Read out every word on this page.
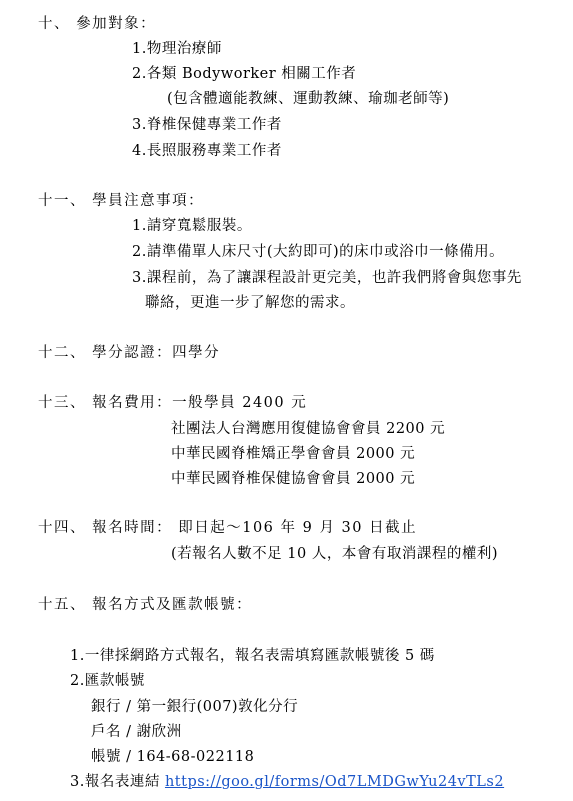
十、 參加對象：
1.物理治療師
2.各類 Bodyworker 相關工作者
(包含體適能教練、運動教練、瑜珈老師等)
3.脊椎保健專業工作者
4.長照服務專業工作者
十一、 學員注意事項：
1.請穿寬鬆服裝。
2.請準備單人床尺寸(大約即可)的床巾或浴巾一條備用。
3.課程前，為了讓課程設計更完美，也許我們將會與您事先
聯絡，更進一步了解您的需求。
十二、 學分認證：四學分
十三、 報名費用：一般學員 2400 元
社團法人台灣應用復健協會會員 2200 元
中華民國脊椎矯正學會會員 2000 元
中華民國脊椎保健協會會員 2000 元
十四、 報名時間： 即日起～106 年 9 月 30 日截止
(若報名人數不足 10 人，本會有取消課程的權利)
十五、 報名方式及匯款帳號：
1.一律採網路方式報名，報名表需填寫匯款帳號後 5 碼
2.匯款帳號
銀行 / 第一銀行(007)敦化分行
戶名 / 謝欣洲
帳號 / 164-68-022118
3.報名表連結 https://goo.gl/forms/Od7LMDGwYu24vTLs2
